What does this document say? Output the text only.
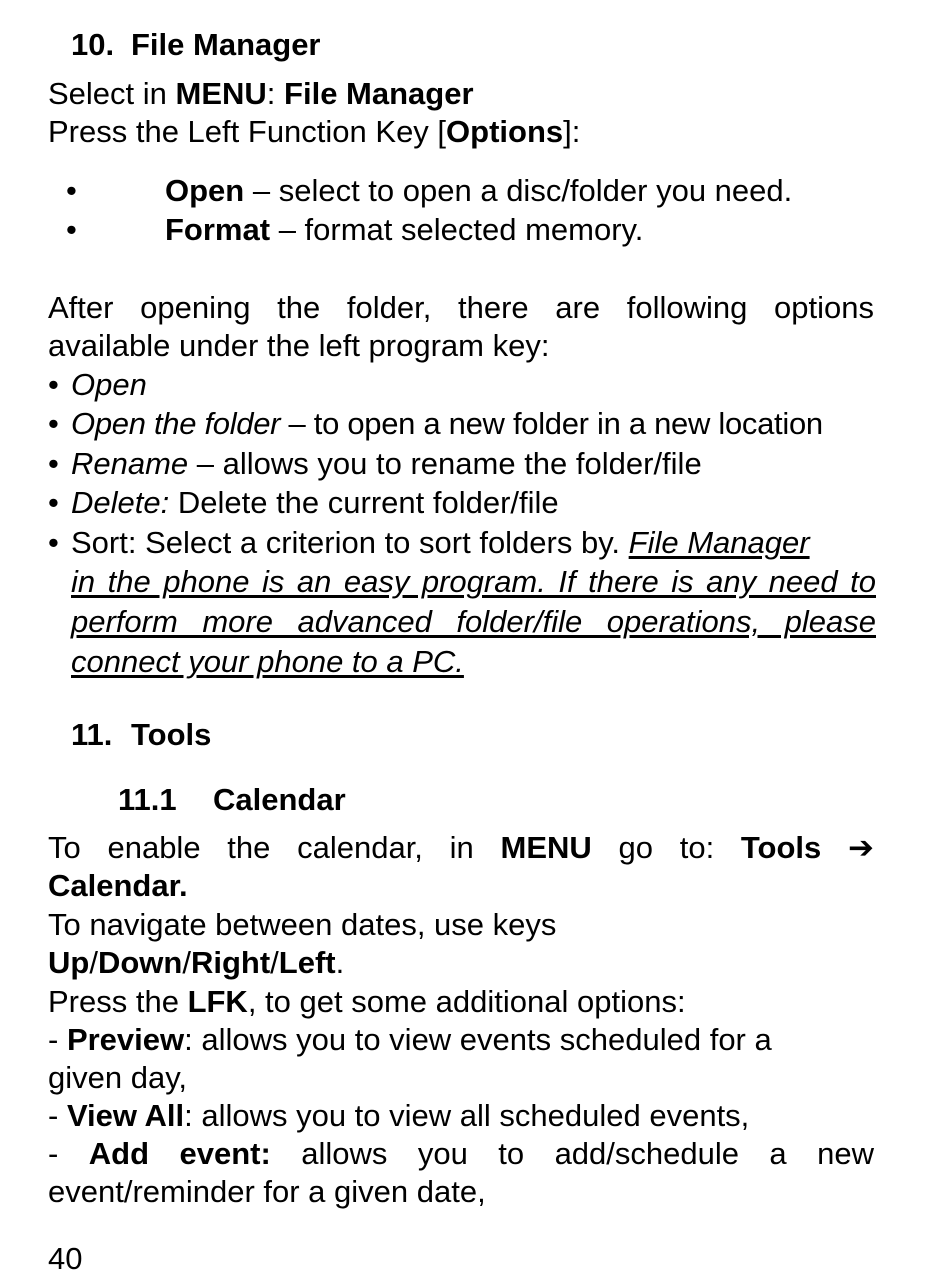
10. File Manager
Select in MENU: File Manager
Press the Left Function Key [Options]:
•	Open – select to open a disc/folder you need.
•	Format – format selected memory.
After opening the folder, there are following options
available under the left program key:
• Open
• Open the folder – to open a new folder in a new location
• Rename – allows you to rename the folder/file
• Delete: Delete the current folder/file
• Sort: Select a criterion to sort folders by. File Manager
in the phone is an easy program. If there is any need to
perform more advanced folder/file operations, please
connect your phone to a PC.
11. Tools
11.1 Calendar
To enable the calendar, in MENU go to: Tools ➔
Calendar.
To navigate between dates, use keys
Up/Down/Right/Left.
Press the LFK, to get some additional options:
- Preview: allows you to view events scheduled for a
given day,
- View All: allows you to view all scheduled events,
- Add event: allows you to add/schedule a new
event/reminder for a given date,
40
